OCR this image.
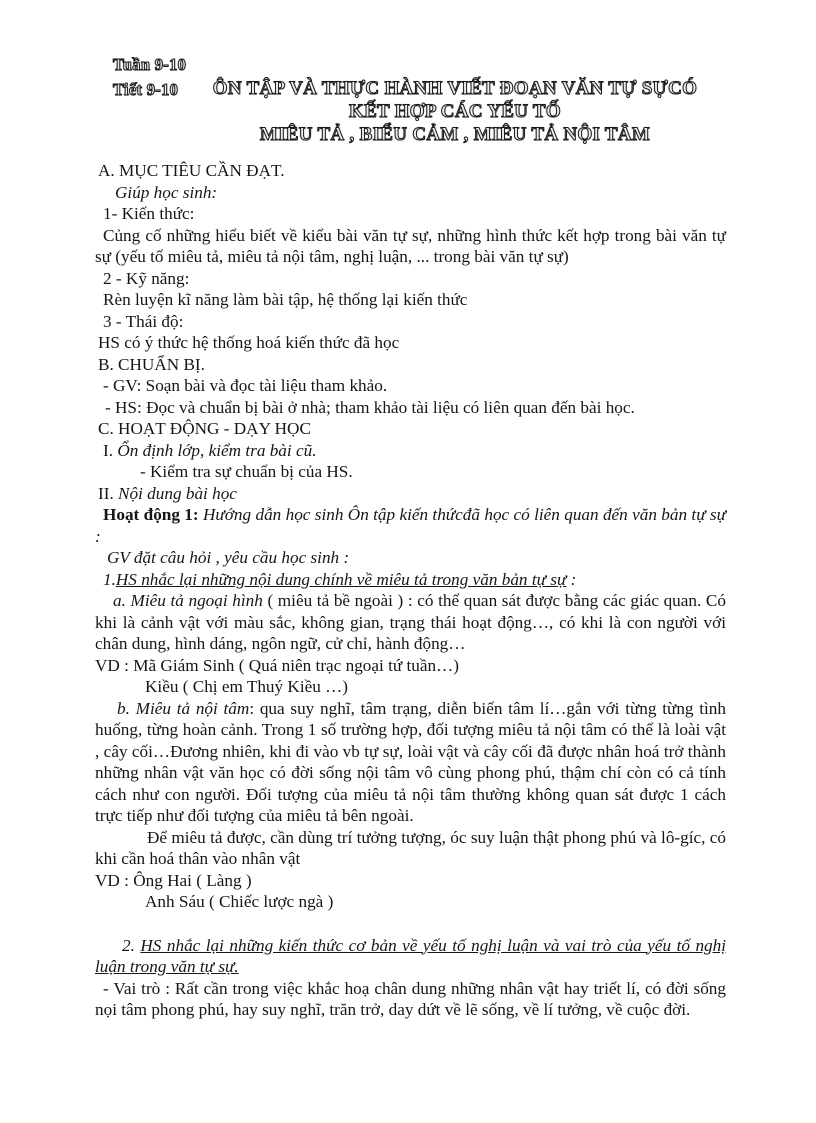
Tuần 9-10
Tiết 9-10	ÔN TẬP VÀ THỰC HÀNH VIẾT ĐOẠN VĂN TỰ SỰCÓ
KẾT HỢP CÁC YẾU TỐ
MIÊU TẢ , BIỂU CẢM , MIÊU TẢ NỘI TÂM

A. MỤC TIÊU CẦN ĐẠT.

Giúp học sinh:

1- Kiến thức:

Củng cố những hiểu biết về kiểu bài văn tự sự, những hình thức kết hợp trong bài văn tự sự (yếu tố miêu tả, miêu tả nội tâm, nghị luận, ... trong bài văn tự sự)

2 - Kỹ năng:

Rèn luyện kĩ năng làm bài tập, hệ thống lại kiến thức

3 - Thái độ:

HS có ý thức hệ thống hoá kiến thức đã học

B. CHUẨN BỊ.

- GV: Soạn bài và đọc tài liệu tham khảo.

- HS: Đọc và chuẩn bị bài ở nhà; tham khảo tài liệu có liên quan đến bài học.

C. HOẠT ĐỘNG - DẠY HỌC

I. Ổn định lớp, kiểm tra bài cũ.

- Kiểm tra sự chuẩn bị của HS.

II. Nội dung bài học

Hoạt động 1: Hướng dẫn học sinh Ôn tập kiến thứcđã học có liên quan đến văn bản tự sự :

GV đặt câu hỏi , yêu cầu học sinh :

1.HS nhắc lại những nội dung chính về miêu tả trong văn bản tự sự :

a. Miêu tả ngoại hình ( miêu tả bề ngoài ) : có thể quan sát được bằng các giác quan. Có khi là cảnh vật với màu sắc, không gian, trạng thái hoạt động…, có khi là con người với chân dung, hình dáng, ngôn ngữ, cử chỉ, hành động…

VD : Mã Giám Sinh ( Quá niên trạc ngoại tứ tuần…)

Kiều ( Chị em Thuý Kiều …)

b. Miêu tả nội tâm: qua suy nghĩ, tâm trạng, diễn biến tâm lí…gắn với từng từng tình huống, từng hoàn cảnh. Trong 1 số trường hợp, đối tượng miêu tả nội tâm có thể là loài vật , cây cối…Đương nhiên, khi đi vào vb tự sự, loài vật và cây cối đã được nhân hoá trở thành những nhân vật văn học có đời sống nội tâm vô cùng phong phú, thậm chí còn có cả tính cách như con người. Đối tượng của miêu tả nội tâm thường không quan sát được 1 cách trực tiếp như đối tượng của miêu tả bên ngoài.

Để miêu tả được, cần dùng trí tưởng tượng, óc suy luận thật phong phú và lô-gíc, có khi cần hoá thân vào nhân vật

VD : Ông Hai ( Làng )

Anh Sáu ( Chiếc lược ngà )

2. HS nhắc lại những kiến thức cơ bản về yếu tố nghị luận và vai trò của yếu tố nghị luận trong văn tự sự.

- Vai trò : Rất cần trong việc khắc hoạ chân dung những nhân vật hay triết lí, có đời sống nọi tâm phong phú, hay suy nghĩ, trăn trở, day dứt về lẽ sống, về lí tưởng, về cuộc đời.
